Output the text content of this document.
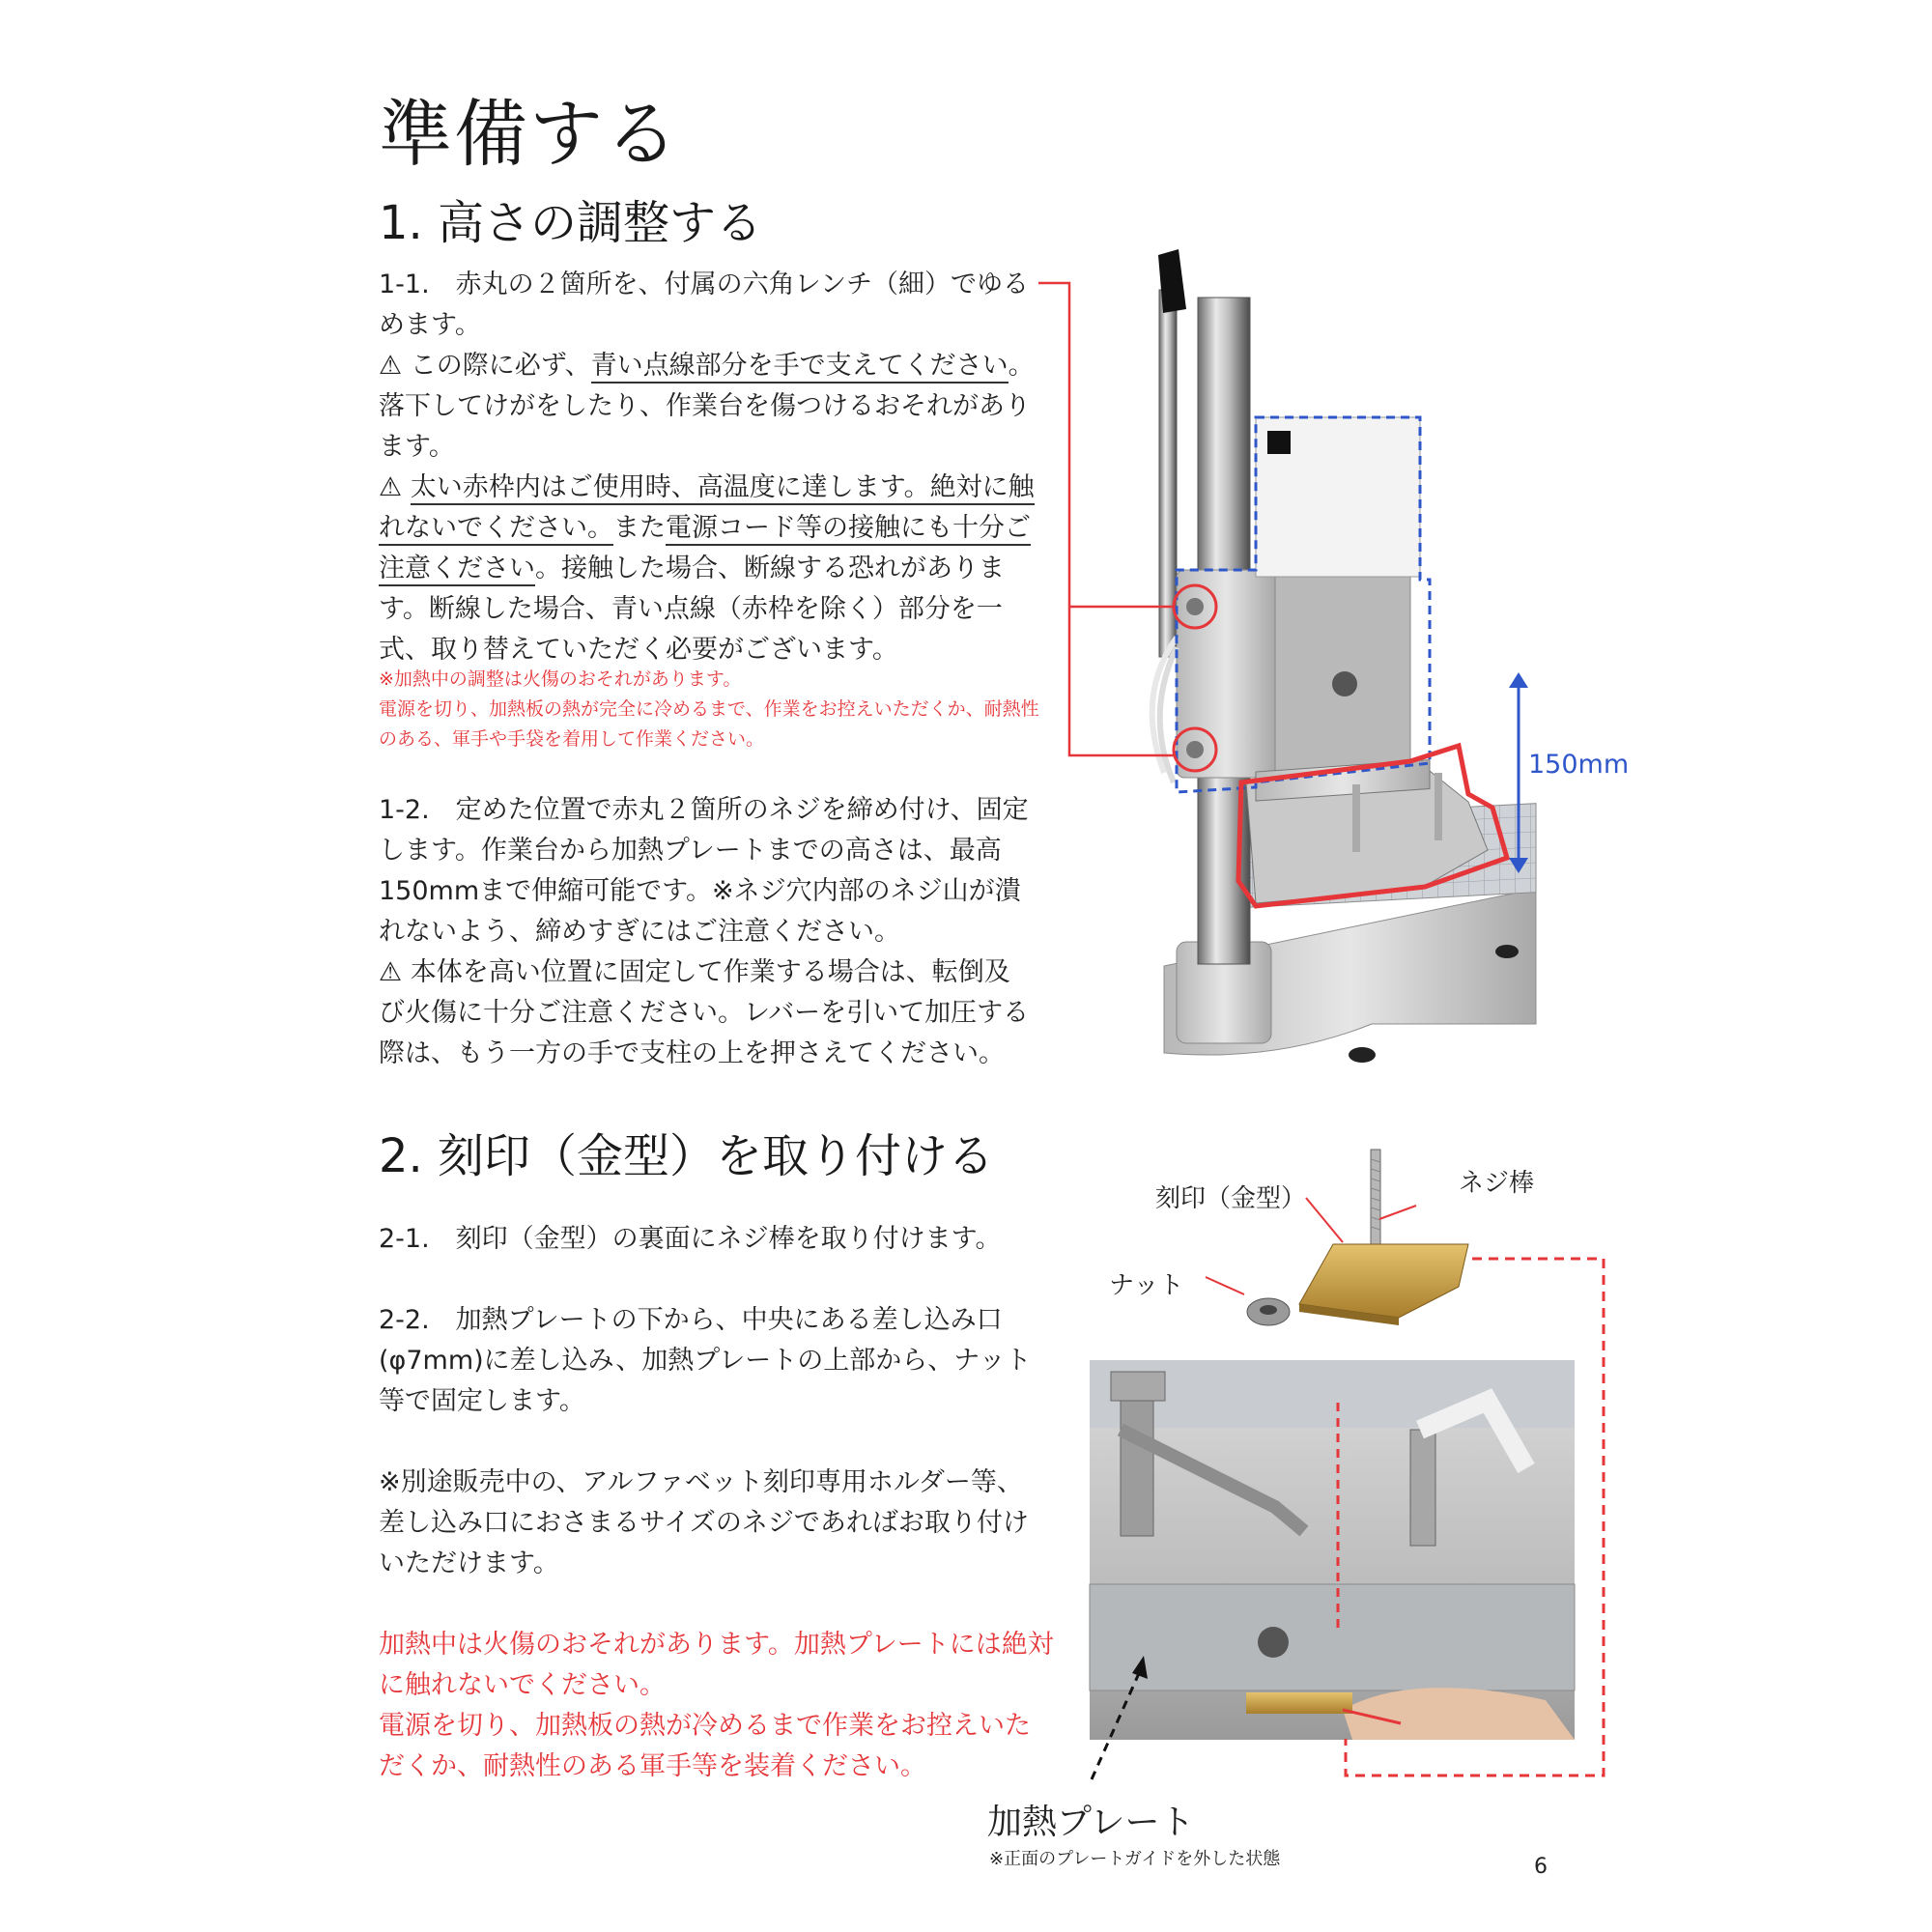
準備する
1. 高さの調整する

1-1.　赤丸の２箇所を、付属の六角レンチ（細）でゆるめます。

⚠ この際に必ず、青い点線部分を手で支えてください。落下してけがをしたり、作業台を傷つけるおそれがあります。

⚠ 太い赤枠内はご使用時、高温度に達します。絶対に触れないでください。また電源コード等の接触にも十分ご注意ください。接触した場合、断線する恐れがあります。断線した場合、青い点線（赤枠を除く）部分を一式、取り替えていただく必要がございます。

※加熱中の調整は火傷のおそれがあります。
電源を切り、加熱板の熱が完全に冷めるまで、作業をお控えいただくか、耐熱性のある、軍手や手袋を着用して作業ください。

1-2.　定めた位置で赤丸２箇所のネジを締め付け、固定します。作業台から加熱プレートまでの高さは、最高150mmまで伸縮可能です。※ネジ穴内部のネジ山が潰れないよう、締めすぎにはご注意ください。

⚠ 本体を高い位置に固定して作業する場合は、転倒及び火傷に十分ご注意ください。レバーを引いて加圧する際は、もう一方の手で支柱の上を押さえてください。

2. 刻印（金型）を取り付ける
2-1.　刻印（金型）の裏面にネジ棒を取り付けます。
2-2.　加熱プレートの下から、中央にある差し込み口(φ7mm)に差し込み、加熱プレートの上部から、ナット等で固定します。
※別途販売中の、アルファベット刻印専用ホルダー等、差し込み口におさまるサイズのネジであればお取り付けいただけます。
加熱中は火傷のおそれがあります。加熱プレートには絶対に触れないでください。
電源を切り、加熱板の熱が冷めるまで作業をお控えいただくか、耐熱性のある軍手等を装着ください。
150mm
刻印（金型）
ネジ棒
ナット
加熱プレート
※正面のプレートガイドを外した状態	6
